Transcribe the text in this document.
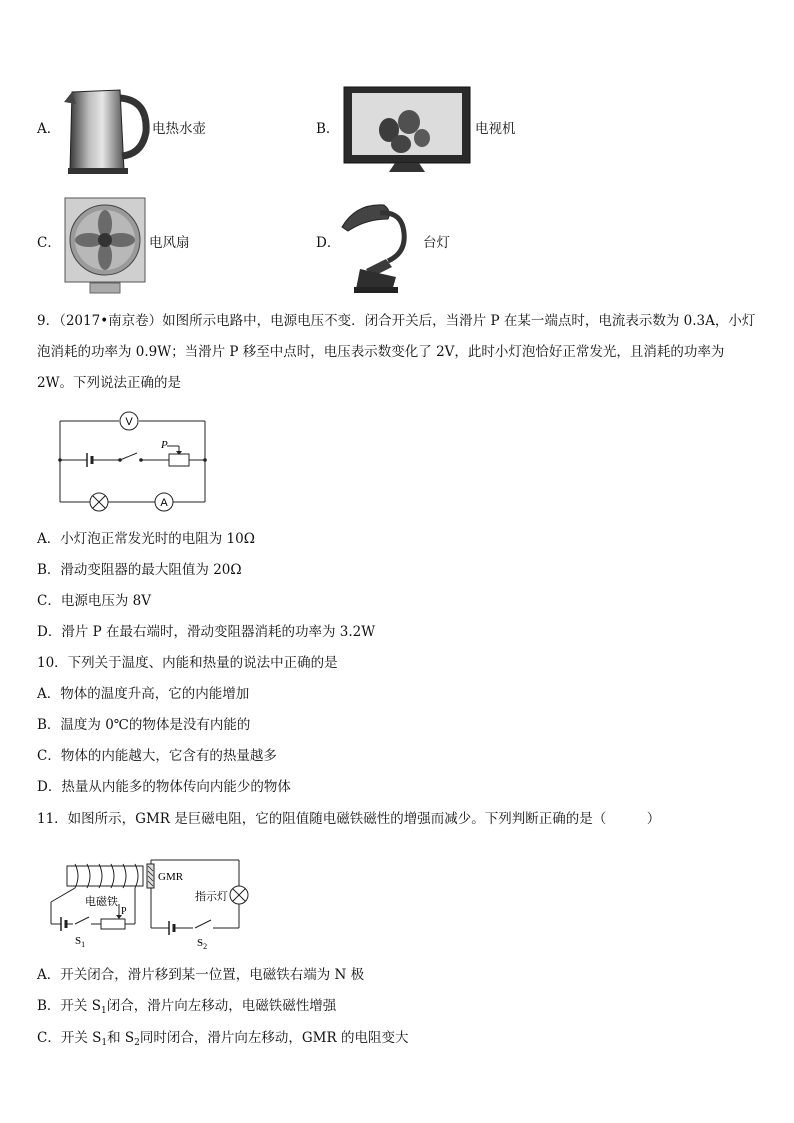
A．	电热水壶	B．	电视机
C．	电风扇	D．	台灯
9．（2017•南京卷）如图所示电路中，电源电压不变．闭合开关后，当滑片 P 在某一端点时，电流表示数为 0.3A，小灯
泡消耗的功率为 0.9W；当滑片 P 移至中点时，电压表示数变化了 2V，此时小灯泡恰好正常发光，且消耗的功率为
2W。下列说法正确的是
V
A
P
A．小灯泡正常发光时的电阻为 10Ω
B．滑动变阻器的最大阻值为 20Ω
C．电源电压为 8V
D．滑片 P 在最右端时，滑动变阻器消耗的功率为 3.2W
10．下列关于温度、内能和热量的说法中正确的是
A．物体的温度升高，它的内能增加
B．温度为 0℃的物体是没有内能的
C．物体的内能越大，它含有的热量越多
D．热量从内能多的物体传向内能少的物体
11．如图所示，GMR 是巨磁电阻，它的阻值随电磁铁磁性的增强而减少。下列判断正确的是（　　　）
GMR
电磁铁	指示灯
P
$S_1$	$S_2$
A．开关闭合，滑片移到某一位置，电磁铁右端为 N 极
B．开关 $S_1$闭合，滑片向左移动，电磁铁磁性增强
C．开关 $S_1$和 $S_2$同时闭合，滑片向左移动，GMR 的电阻变大
